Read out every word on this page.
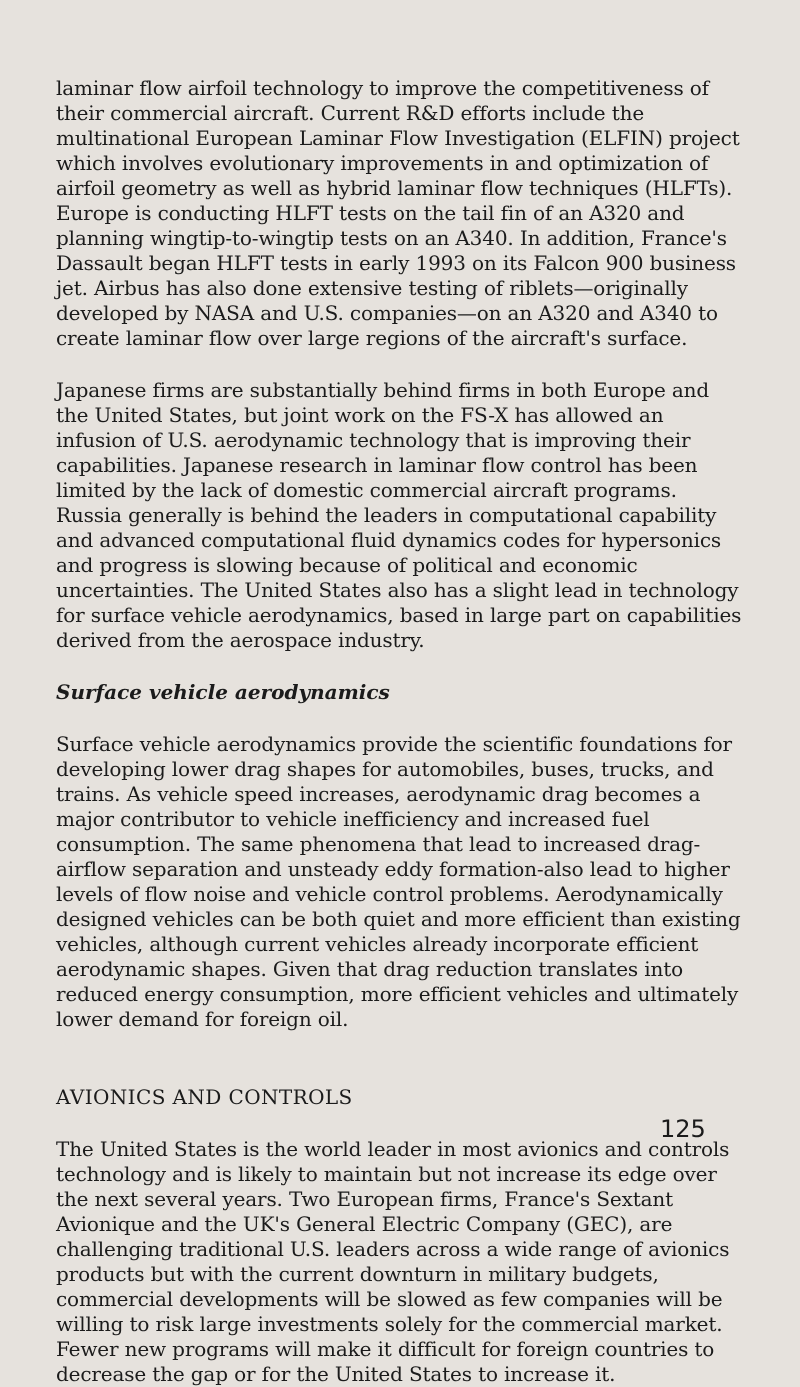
laminar flow airfoil technology to improve the competitiveness of their commercial aircraft. Current R&D efforts include the multinational European Laminar Flow Investigation (ELFIN) project which involves evolutionary improvements in and optimization of airfoil geometry as well as hybrid laminar flow techniques (HLFTs). Europe is conducting HLFT tests on the tail fin of an A320 and planning wingtip-to-wingtip tests on an A340. In addition, France's Dassault began HLFT tests in early 1993 on its Falcon 900 business jet. Airbus has also done extensive testing of riblets—originally developed by NASA and U.S. companies—on an A320 and A340 to create laminar flow over large regions of the aircraft's surface.

Japanese firms are substantially behind firms in both Europe and the United States, but joint work on the FS-X has allowed an infusion of U.S. aerodynamic technology that is improving their capabilities. Japanese research in laminar flow control has been limited by the lack of domestic commercial aircraft programs. Russia generally is behind the leaders in computational capability and advanced computational fluid dynamics codes for hypersonics and progress is slowing because of political and economic uncertainties. The United States also has a slight lead in technology for surface vehicle aerodynamics, based in large part on capabilities derived from the aerospace industry.

Surface vehicle aerodynamics

Surface vehicle aerodynamics provide the scientific foundations for developing lower drag shapes for automobiles, buses, trucks, and trains. As vehicle speed increases, aerodynamic drag becomes a major contributor to vehicle inefficiency and increased fuel consumption. The same phenomena that lead to increased drag-airflow separation and unsteady eddy formation-also lead to higher levels of flow noise and vehicle control problems. Aerodynamically designed vehicles can be both quiet and more efficient than existing vehicles, although current vehicles already incorporate efficient aerodynamic shapes. Given that drag reduction translates into reduced energy consumption, more efficient vehicles and ultimately lower demand for foreign oil.

AVIONICS AND CONTROLS

The United States is the world leader in most avionics and controls technology and is likely to maintain but not increase its edge over the next several years. Two European firms, France's Sextant Avionique and the UK's General Electric Company (GEC), are challenging traditional U.S. leaders across a wide range of avionics products but with the current downturn in military budgets, commercial developments will be slowed as few companies will be willing to risk large investments solely for the commercial market. Fewer new programs will make it difficult for foreign countries to decrease the gap or for the United States to increase it.

125
